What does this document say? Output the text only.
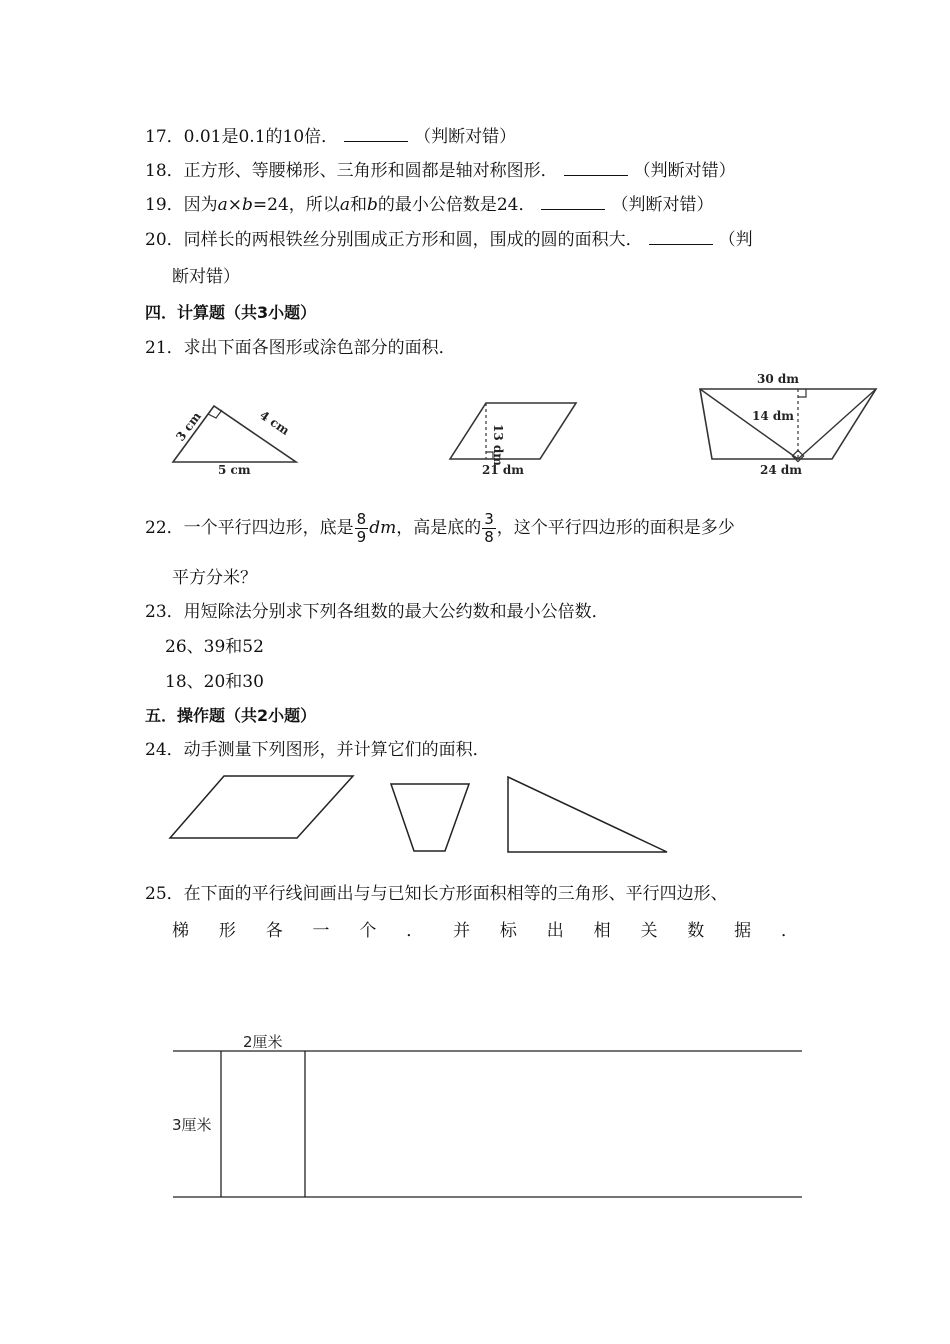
17．0.01是0.1的10倍．	（判断对错）
18．正方形、等腰梯形、三角形和圆都是轴对称图形．	（判断对错）
19．因为a×b=24，所以a和b的最小公倍数是24．	（判断对错）
20．同样长的两根铁丝分别围成正方形和圆，围成的圆的面积大．	（判
断对错）
四．计算题（共3小题）
21．求出下面各图形或涂色部分的面积．
3 cm	4 cm
5 cm
13 dm
21 dm
30 dm
14 dm
24 dm
22．一个平行四边形，底是 $\frac{8}{9}$ dm，高是底的 $\frac{3}{8}$ ，这个平行四边形的面积是多少
平方分米？
23．用短除法分别求下列各组数的最大公约数和最小公倍数．
26、39和52
18、20和30
五．操作题（共2小题）
24．动手测量下列图形，并计算它们的面积．
25．在下面的平行线间画出与与已知长方形面积相等的三角形、平行四边形、
梯 形 各 一 个 ． 并 标 出 相 关 数 据 ．
2厘米
3厘米
